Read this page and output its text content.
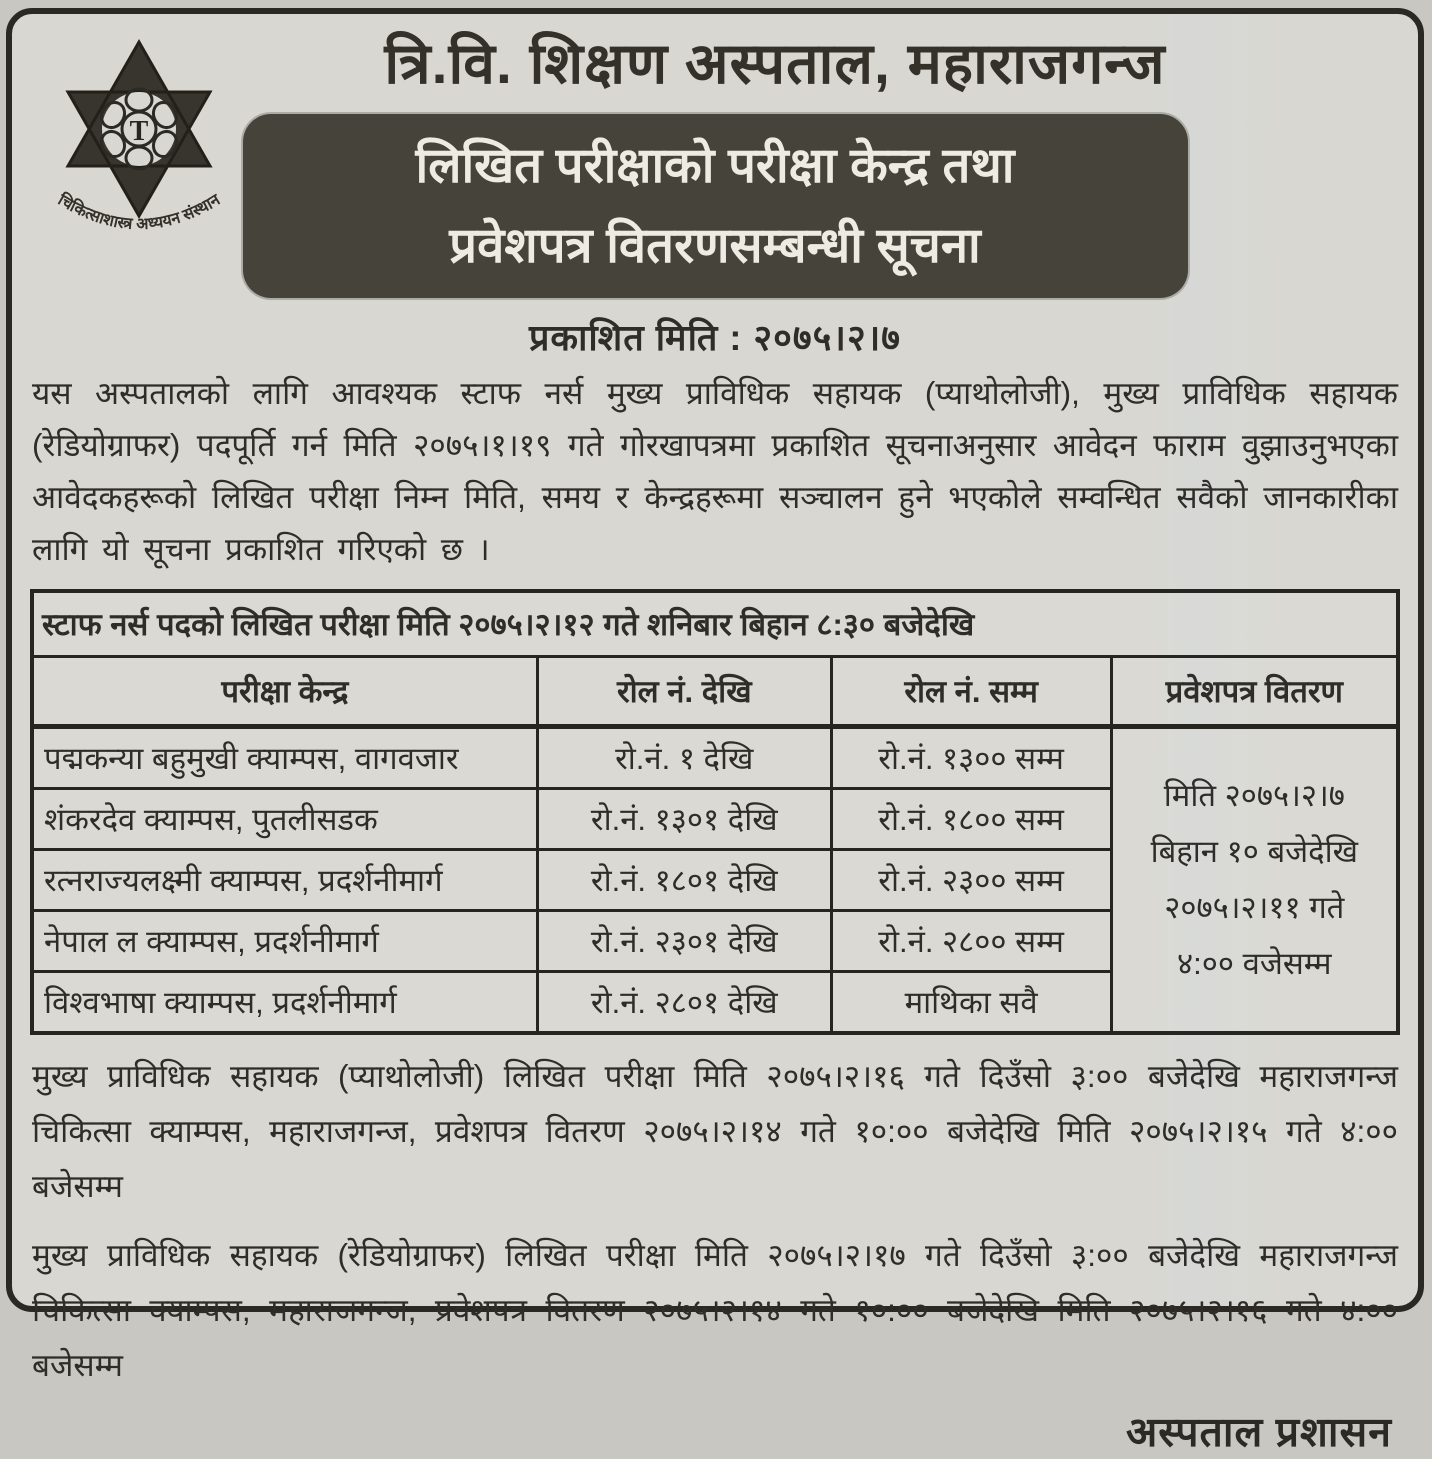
T
चिकित्साशास्त्र अध्ययन संस्थान
त्रि.वि. शिक्षण अस्पताल, महाराजगन्ज
लिखित परीक्षाको परीक्षा केन्द्र तथा
प्रवेशपत्र वितरणसम्बन्धी सूचना
प्रकाशित मिति : २०७५।२।७

यस अस्पतालको लागि आवश्यक स्टाफ नर्स मुख्य प्राविधिक सहायक (प्याथोलोजी), मुख्य प्राविधिक सहायक (रेडियोग्राफर) पदपूर्ति गर्न मिति २०७५।१।१९ गते गोरखापत्रमा प्रकाशित सूचनाअनुसार आवेदन फाराम वुझाउनुभएका आवेदकहरूको लिखित परीक्षा निम्न मिति, समय र केन्द्रहरूमा सञ्चालन हुने भएकोले सम्वन्धित सवैको जानकारीका लागि यो सूचना प्रकाशित गरिएको छ ।

स्टाफ नर्स पदको लिखित परीक्षा मिति २०७५।२।१२ गते शनिबार बिहान ८:३० बजेदेखि			
परीक्षा केन्द्र	रोल नं. देखि	रोल नं. सम्म	प्रवेशपत्र वितरण
पद्मकन्या बहुमुखी क्याम्पस, वागवजार	रो.नं. १ देखि	रो.नं. १३०० सम्म	मिति २०७५।२।७
बिहान १० बजेदेखि
२०७५।२।११ गते
४:०० वजेसम्म

शंकरदेव क्याम्पस, पुतलीसडक	रो.नं. १३०१ देखि	रो.नं. १८०० सम्म	
रत्नराज्यलक्ष्मी क्याम्पस, प्रदर्शनीमार्ग	रो.नं. १८०१ देखि	रो.नं. २३०० सम्म	
नेपाल ल क्याम्पस, प्रदर्शनीमार्ग	रो.नं. २३०१ देखि	रो.नं. २८०० सम्म	
विश्वभाषा क्याम्पस, प्रदर्शनीमार्ग	रो.नं. २८०१ देखि	माथिका सवै	

मुख्य प्राविधिक सहायक (प्याथोलोजी) लिखित परीक्षा मिति २०७५।२।१६ गते दिउँसो ३:०० बजेदेखि महाराजगन्ज चिकित्सा क्याम्पस, महाराजगन्ज, प्रवेशपत्र वितरण २०७५।२।१४ गते १०:०० बजेदेखि मिति २०७५।२।१५ गते ४:०० बजेसम्म

मुख्य प्राविधिक सहायक (रेडियोग्राफर) लिखित परीक्षा मिति २०७५।२।१७ गते दिउँसो ३:०० बजेदेखि महाराजगन्ज चिकित्सा क्याम्पस, महाराजगन्ज, प्रवेशपत्र वितरण २०७५।२।१४ गते १०:०० बजेदेखि मिति २०७५।२।१६ गते ४:०० बजेसम्म

अस्पताल प्रशासन
